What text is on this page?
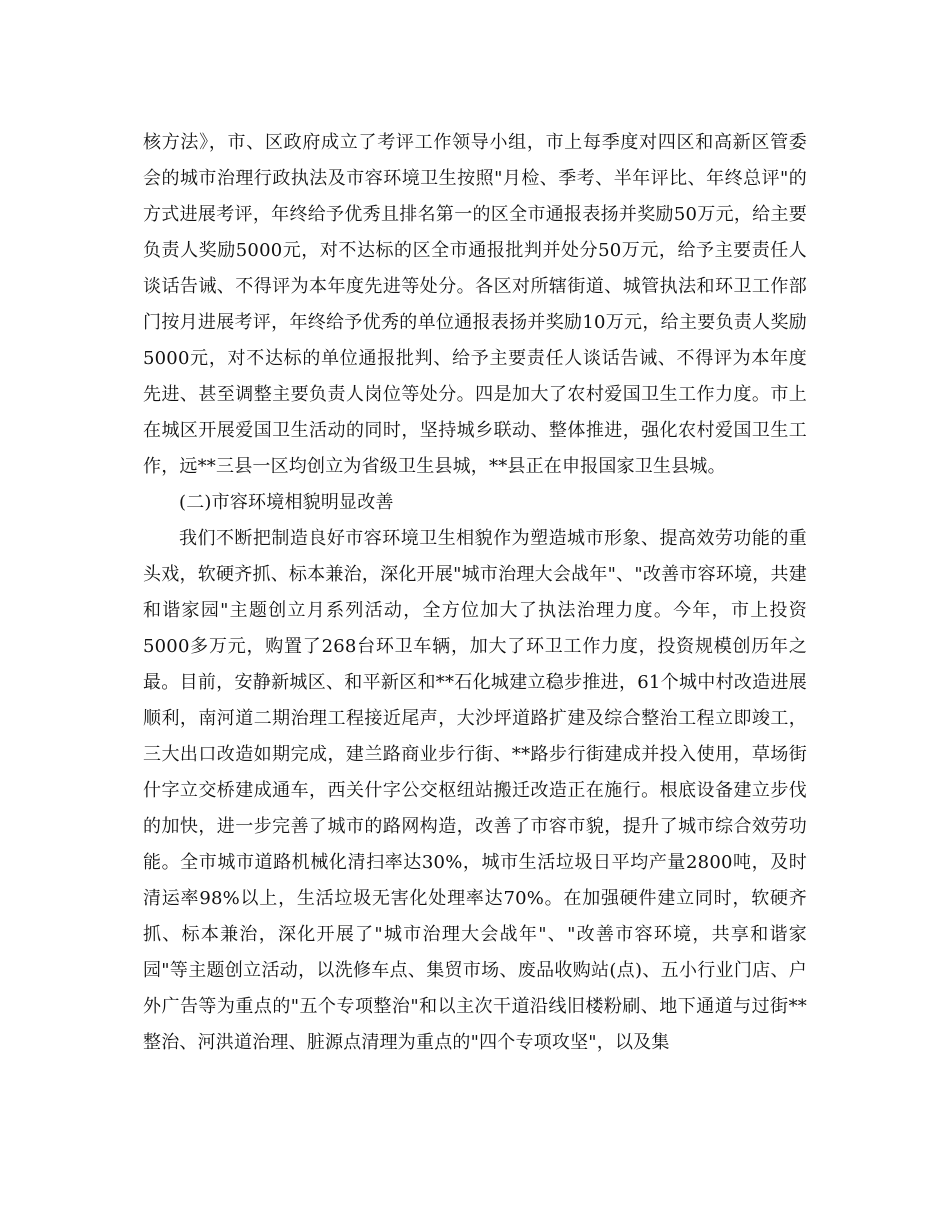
核方法》，市、区政府成立了考评工作领导小组，市上每季度对四区和高新区管委会的城市治理行政执法及市容环境卫生按照"月检、季考、半年评比、年终总评"的方式进展考评，年终给予优秀且排名第一的区全市通报表扬并奖励50万元，给主要负责人奖励5000元，对不达标的区全市通报批判并处分50万元，给予主要责任人谈话告诫、不得评为本年度先进等处分。各区对所辖街道、城管执法和环卫工作部门按月进展考评，年终给予优秀的单位通报表扬并奖励10万元，给主要负责人奖励5000元，对不达标的单位通报批判、给予主要责任人谈话告诫、不得评为本年度先进、甚至调整主要负责人岗位等处分。四是加大了农村爱国卫生工作力度。市上在城区开展爱国卫生活动的同时，坚持城乡联动、整体推进，强化农村爱国卫生工作，远**三县一区均创立为省级卫生县城，**县正在申报国家卫生县城。

(二)市容环境相貌明显改善

我们不断把制造良好市容环境卫生相貌作为塑造城市形象、提高效劳功能的重头戏，软硬齐抓、标本兼治，深化开展"城市治理大会战年"、"改善市容环境，共建和谐家园"主题创立月系列活动，全方位加大了执法治理力度。今年，市上投资5000多万元，购置了268台环卫车辆，加大了环卫工作力度，投资规模创历年之最。目前，安静新城区、和平新区和**石化城建立稳步推进，61个城中村改造进展顺利，南河道二期治理工程接近尾声，大沙坪道路扩建及综合整治工程立即竣工，三大出口改造如期完成，建兰路商业步行街、**路步行街建成并投入使用，草场街什字立交桥建成通车，西关什字公交枢纽站搬迁改造正在施行。根底设备建立步伐的加快，进一步完善了城市的路网构造，改善了市容市貌，提升了城市综合效劳功能。全市城市道路机械化清扫率达30%，城市生活垃圾日平均产量2800吨，及时清运率98%以上，生活垃圾无害化处理率达70%。在加强硬件建立同时，软硬齐抓、标本兼治，深化开展了"城市治理大会战年"、"改善市容环境，共享和谐家园"等主题创立活动，以洗修车点、集贸市场、废品收购站(点)、五小行业门店、户外广告等为重点的"五个专项整治"和以主次干道沿线旧楼粉刷、地下通道与过街**整治、河洪道治理、脏源点清理为重点的"四个专项攻坚"，以及集
